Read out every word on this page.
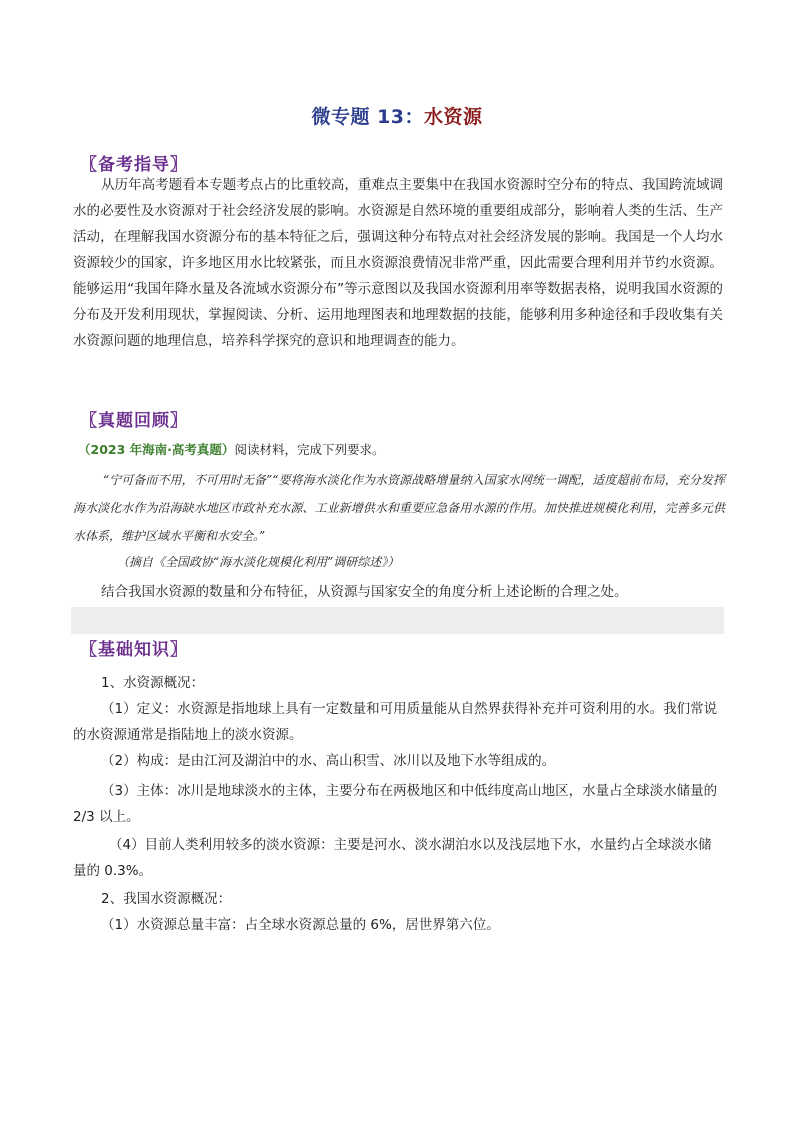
微专题 13：水资源
〖备考指导〗
从历年高考题看本专题考点占的比重较高，重难点主要集中在我国水资源时空分布的特点、我国跨流域调水的必要性及水资源对于社会经济发展的影响。水资源是自然环境的重要组成部分，影响着人类的生活、生产活动，在理解我国水资源分布的基本特征之后，强调这种分布特点对社会经济发展的影响。我国是一个人均水资源较少的国家，许多地区用水比较紧张，而且水资源浪费情况非常严重，因此需要合理利用并节约水资源。能够运用“我国年降水量及各流域水资源分布”等示意图以及我国水资源利用率等数据表格，说明我国水资源的分布及开发利用现状，掌握阅读、分析、运用地理图表和地理数据的技能，能够利用多种途径和手段收集有关水资源问题的地理信息，培养科学探究的意识和地理调查的能力。
〖真题回顾〗
（2023 年海南·高考真题）阅读材料，完成下列要求。
“宁可备而不用，不可用时无备”“要将海水淡化作为水资源战略增量纳入国家水网统一调配，适度超前布局，充分发挥海水淡化水作为沿海缺水地区市政补充水源、工业新增供水和重要应急备用水源的作用。加快推进规模化利用，完善多元供水体系，维护区域水平衡和水安全。”
（摘自《全国政协“海水淡化规模化利用”调研综述》）
结合我国水资源的数量和分布特征，从资源与国家安全的角度分析上述论断的合理之处。
〖基础知识〗
1、水资源概况：
（1）定义：水资源是指地球上具有一定数量和可用质量能从自然界获得补充并可资利用的水。我们常说的水资源通常是指陆地上的淡水资源。
（2）构成：是由江河及湖泊中的水、高山积雪、冰川以及地下水等组成的。
（3）主体：冰川是地球淡水的主体，主要分布在两极地区和中低纬度高山地区，水量占全球淡水储量的 2/3 以上。
（4）目前人类利用较多的淡水资源：主要是河水、淡水湖泊水以及浅层地下水，水量约占全球淡水储量的 0.3%。
2、我国水资源概况：
（1）水资源总量丰富：占全球水资源总量的 6%，居世界第六位。
